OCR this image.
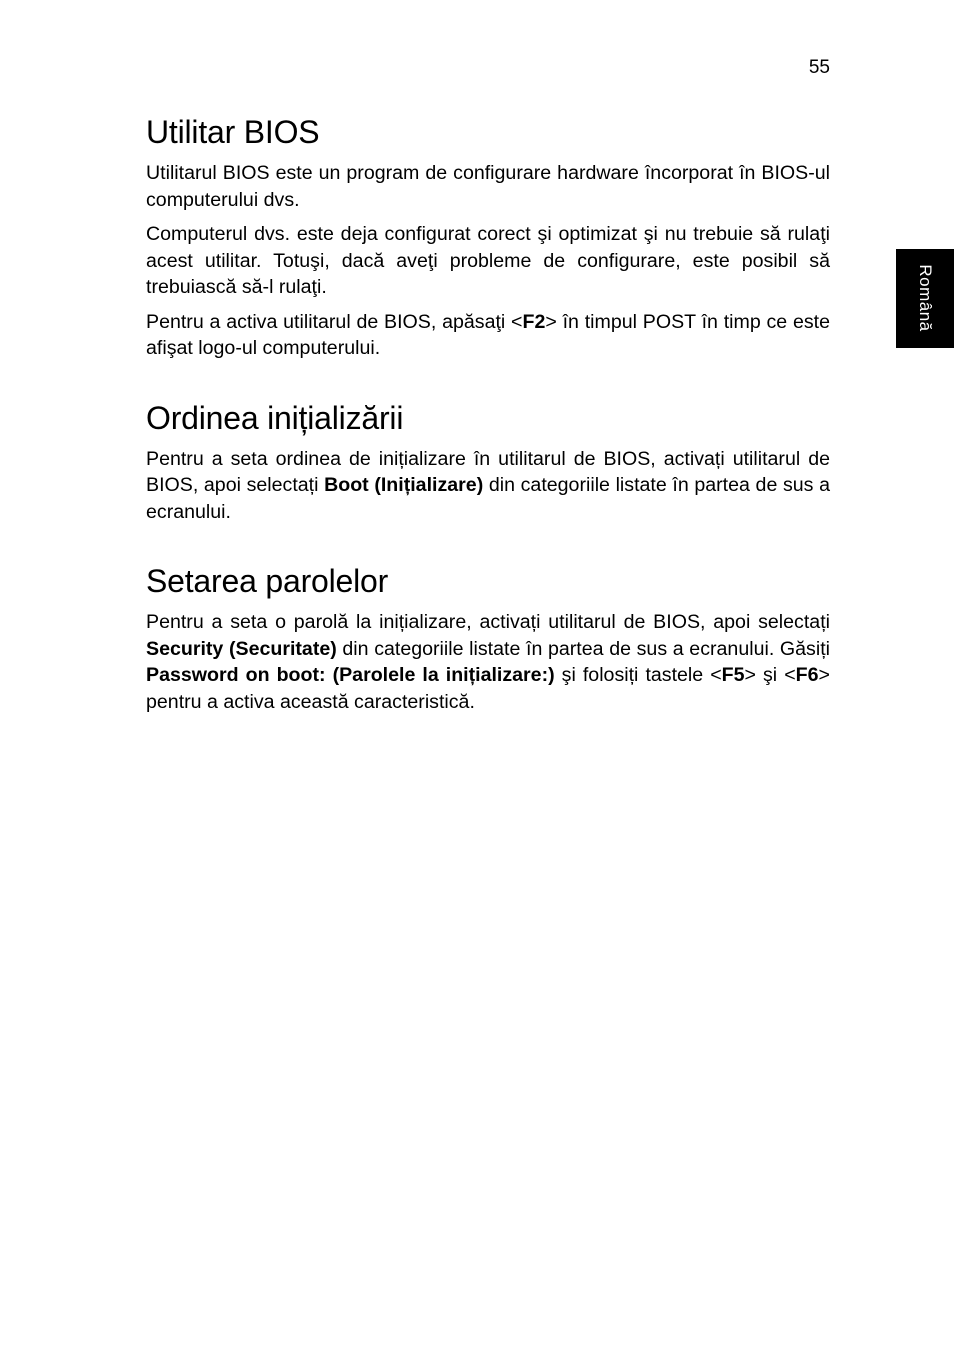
55
Română
Utilitar BIOS

Utilitarul BIOS este un program de configurare hardware încorporat în BIOS-ul computerului dvs.

Computerul dvs. este deja configurat corect şi optimizat şi nu trebuie să rulaţi acest utilitar. Totuşi, dacă aveţi probleme de configurare, este posibil să trebuiască să-l rulaţi.

Pentru a activa utilitarul de BIOS, apăsaţi <F2> în timpul POST în timp ce este afişat logo-ul computerului.

Ordinea inițializării

Pentru a seta ordinea de inițializare în utilitarul de BIOS, activați utilitarul de BIOS, apoi selectați Boot (Inițializare) din categoriile listate în partea de sus a ecranului.

Setarea parolelor

Pentru a seta o parolă la inițializare, activați utilitarul de BIOS, apoi selectați Security (Securitate) din categoriile listate în partea de sus a ecranului. Găsiți Password on boot: (Parolele la inițializare:) şi folosiți tastele <F5> şi <F6> pentru a activa această caracteristică.
